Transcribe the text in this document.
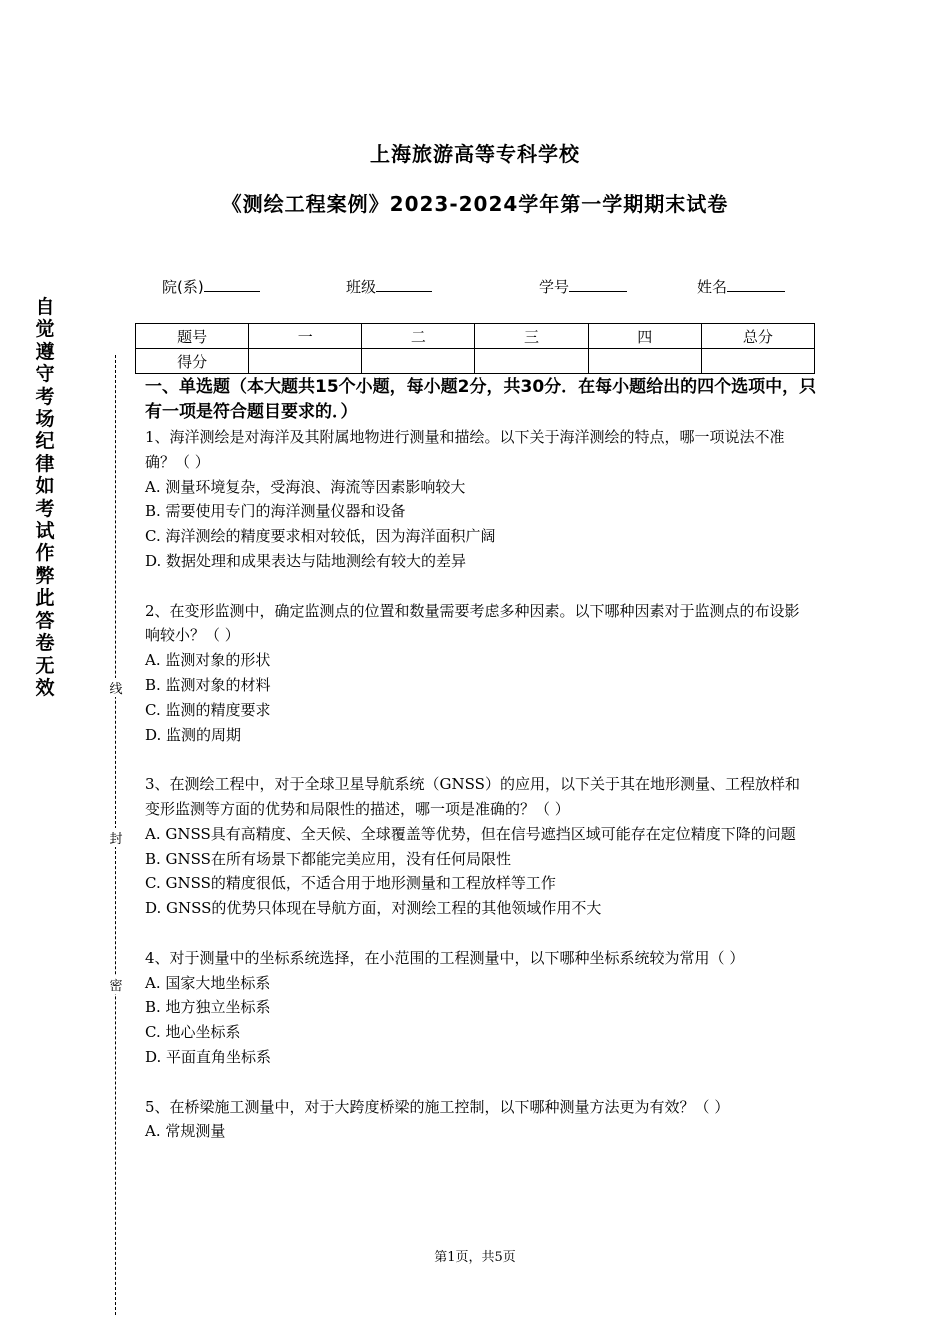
上海旅游高等专科学校
《测绘工程案例》2023-2024学年第一学期期末试卷
院(系)	班级	学号	姓名
自觉遵守考场纪律如考试作弊此答卷无效	线
封
密
题号	一	二	三	四	总分
得分					
一、单选题（本大题共15个小题，每小题2分，共30分．在每小题给出的四个选项中，只有一项是符合题目要求的．）

1、海洋测绘是对海洋及其附属地物进行测量和描绘。以下关于海洋测绘的特点，哪一项说法不准确？（ ）

A. 测量环境复杂，受海浪、海流等因素影响较大

B. 需要使用专门的海洋测量仪器和设备

C. 海洋测绘的精度要求相对较低，因为海洋面积广阔

D. 数据处理和成果表达与陆地测绘有较大的差异

2、在变形监测中，确定监测点的位置和数量需要考虑多种因素。以下哪种因素对于监测点的布设影响较小？（ ）

A. 监测对象的形状

B. 监测对象的材料

C. 监测的精度要求

D. 监测的周期

3、在测绘工程中，对于全球卫星导航系统（GNSS）的应用，以下关于其在地形测量、工程放样和变形监测等方面的优势和局限性的描述，哪一项是准确的？（ ）

A. GNSS具有高精度、全天候、全球覆盖等优势，但在信号遮挡区域可能存在定位精度下降的问题

B. GNSS在所有场景下都能完美应用，没有任何局限性

C. GNSS的精度很低，不适合用于地形测量和工程放样等工作

D. GNSS的优势只体现在导航方面，对测绘工程的其他领域作用不大

4、对于测量中的坐标系统选择，在小范围的工程测量中，以下哪种坐标系统较为常用（ ）

A. 国家大地坐标系

B. 地方独立坐标系

C. 地心坐标系

D. 平面直角坐标系

5、在桥梁施工测量中，对于大跨度桥梁的施工控制，以下哪种测量方法更为有效？（ ）

A. 常规测量

第1页，共5页
